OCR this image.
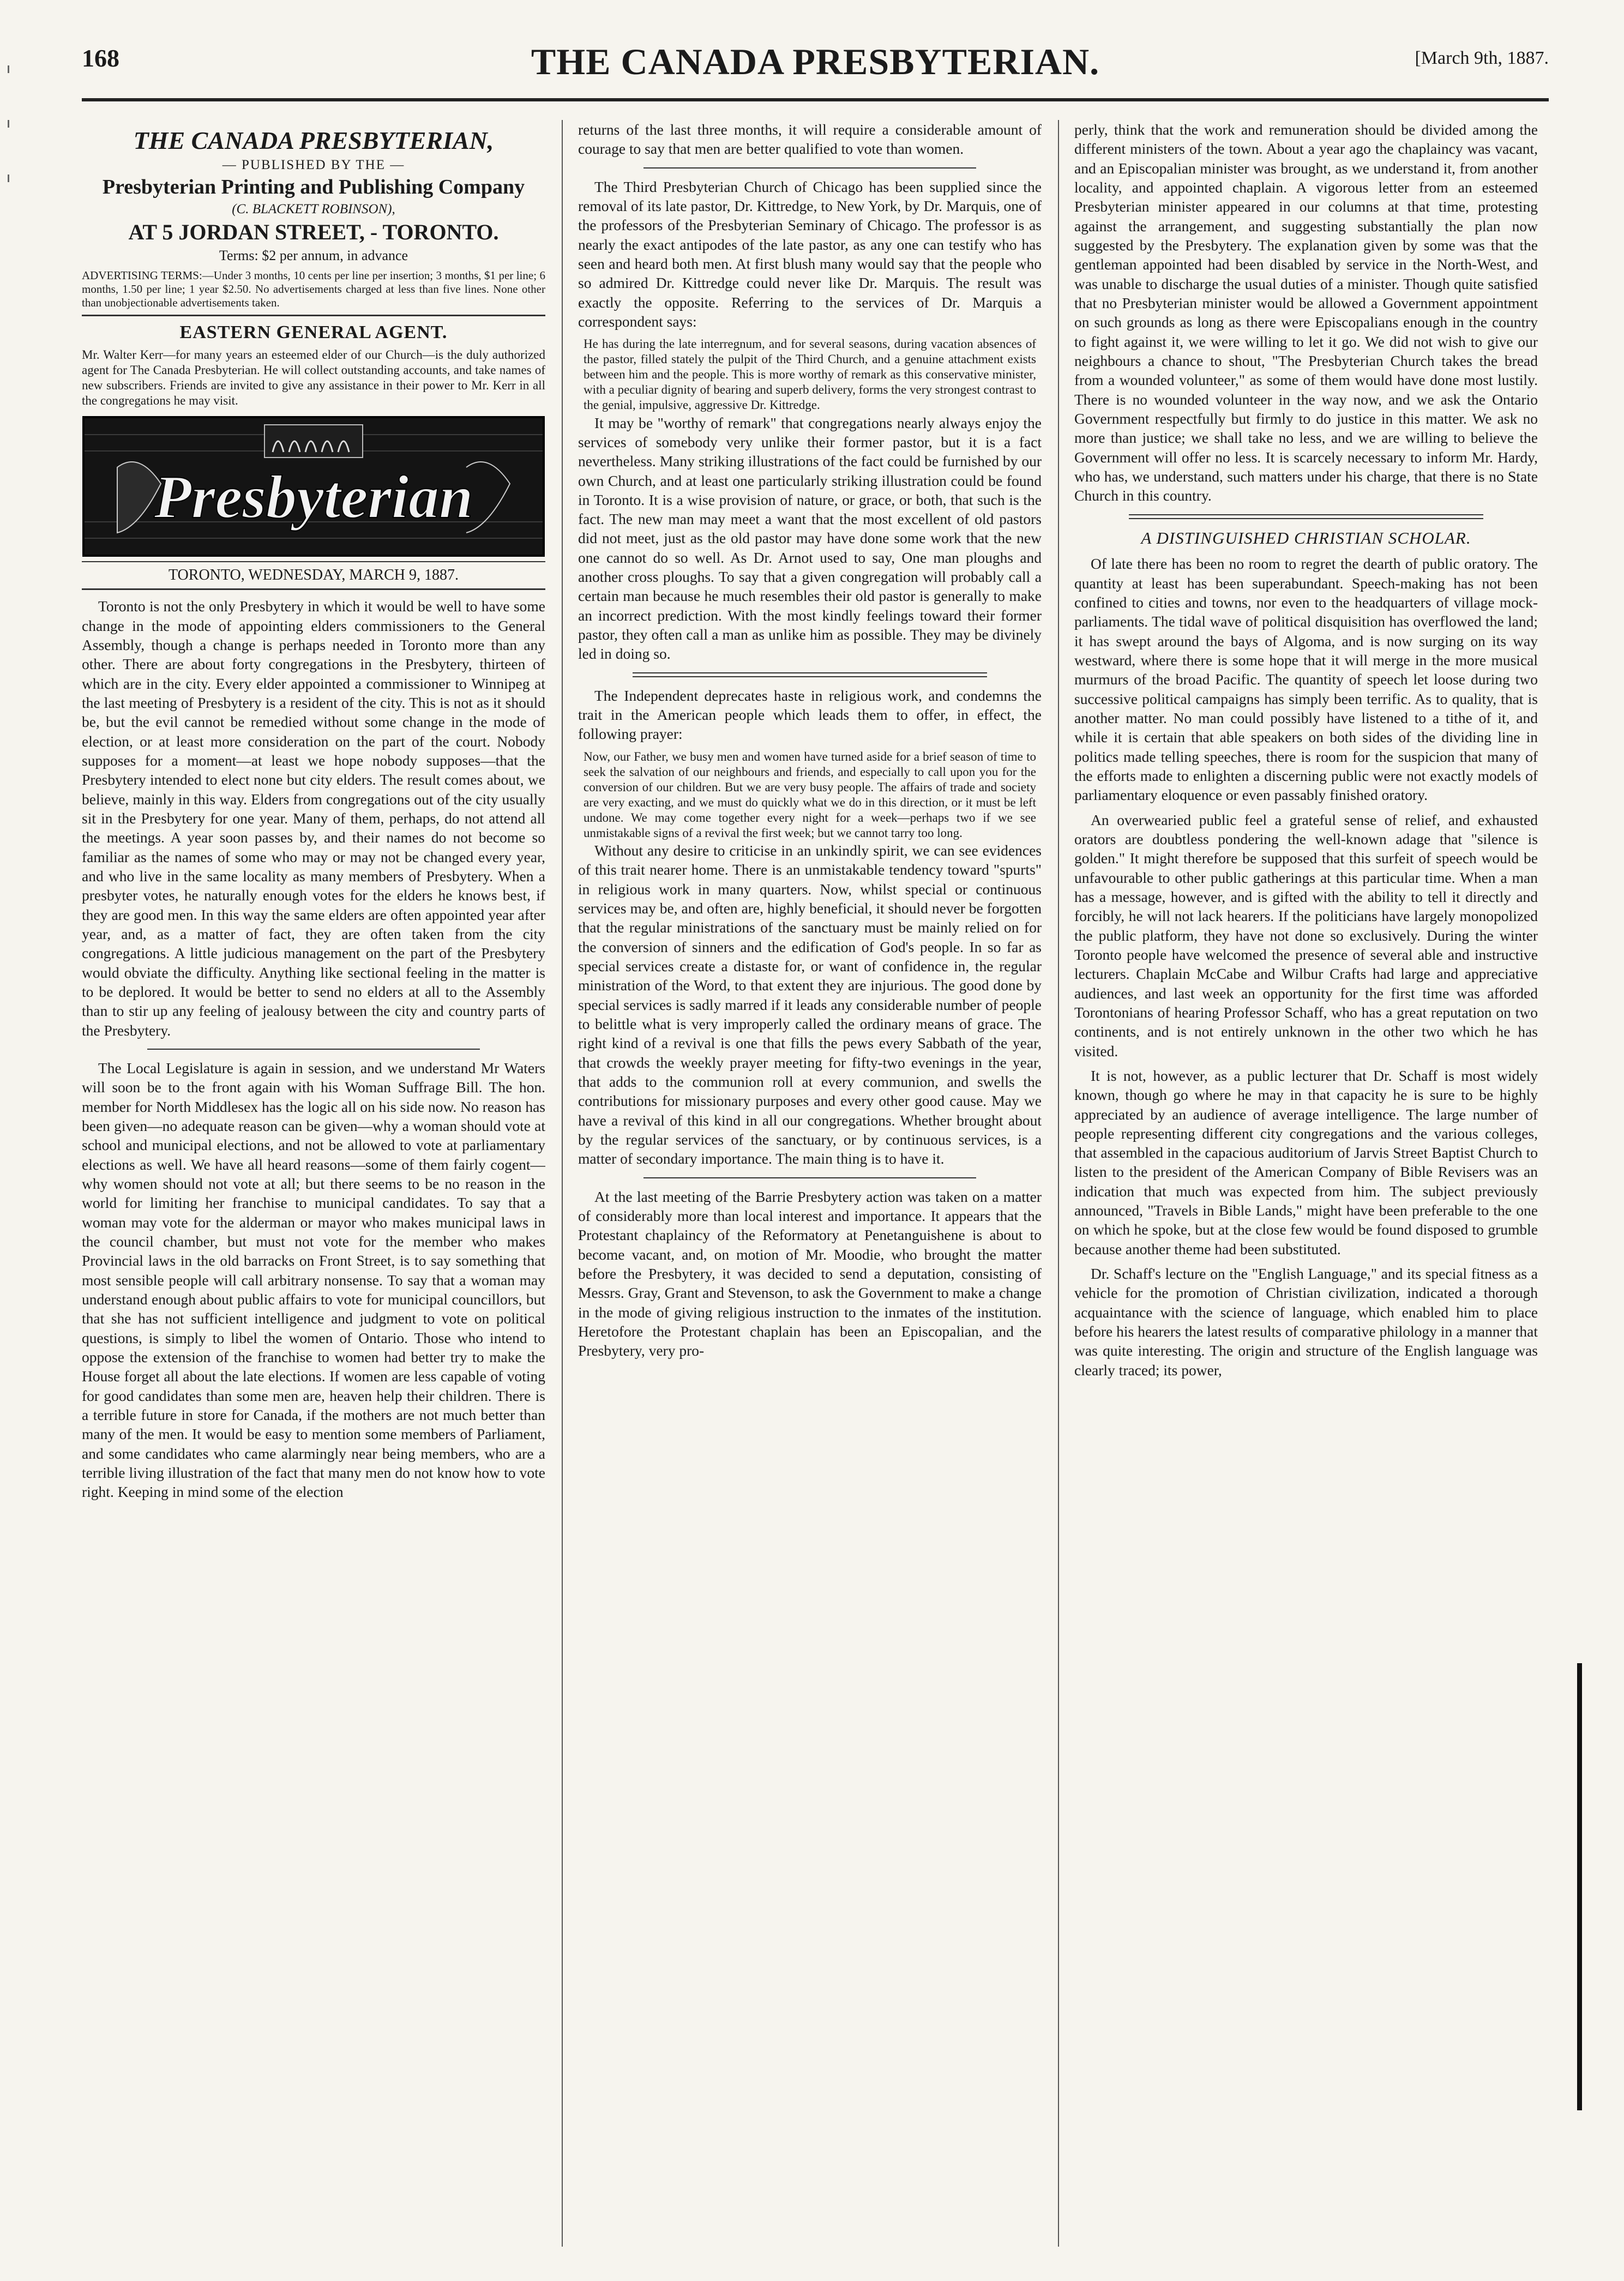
168	THE CANADA PRESBYTERIAN.	[March 9th, 1887.
THE CANADA PRESBYTERIAN,
— PUBLISHED BY THE —
Presbyterian Printing and Publishing Company
(C. BLACKETT ROBINSON),
AT 5 JORDAN STREET, - TORONTO.
Terms: $2 per annum, in advance
ADVERTISING TERMS:—Under 3 months, 10 cents per line per insertion; 3 months, $1 per line; 6 months, 1.50 per line; 1 year $2.50. No advertisements charged at less than five lines. None other than unobjectionable advertisements taken.
EASTERN GENERAL AGENT.
Mr. Walter Kerr—for many years an esteemed elder of our Church—is the duly authorized agent for The Canada Presbyterian. He will collect outstanding accounts, and take names of new subscribers. Friends are invited to give any assistance in their power to Mr. Kerr in all the congregations he may visit.
Presbyterian
TORONTO, WEDNESDAY, MARCH 9, 1887.

Toronto is not the only Presbytery in which it would be well to have some change in the mode of appointing elders commissioners to the General Assembly, though a change is perhaps needed in Toronto more than any other. There are about forty congregations in the Presbytery, thirteen of which are in the city. Every elder appointed a commissioner to Winnipeg at the last meeting of Presbytery is a resident of the city. This is not as it should be, but the evil cannot be remedied without some change in the mode of election, or at least more consideration on the part of the court. Nobody supposes for a moment—at least we hope nobody supposes—that the Presbytery intended to elect none but city elders. The result comes about, we believe, mainly in this way. Elders from congregations out of the city usually sit in the Presbytery for one year. Many of them, perhaps, do not attend all the meetings. A year soon passes by, and their names do not become so familiar as the names of some who may or may not be changed every year, and who live in the same locality as many members of Presbytery. When a presbyter votes, he naturally enough votes for the elders he knows best, if they are good men. In this way the same elders are often appointed year after year, and, as a matter of fact, they are often taken from the city congregations. A little judicious management on the part of the Presbytery would obviate the difficulty. Anything like sectional feeling in the matter is to be deplored. It would be better to send no elders at all to the Assembly than to stir up any feeling of jealousy between the city and country parts of the Presbytery.

The Local Legislature is again in session, and we understand Mr Waters will soon be to the front again with his Woman Suffrage Bill. The hon. member for North Middlesex has the logic all on his side now. No reason has been given—no adequate reason can be given—why a woman should vote at school and municipal elections, and not be allowed to vote at parliamentary elections as well. We have all heard reasons—some of them fairly cogent—why women should not vote at all; but there seems to be no reason in the world for limiting her franchise to municipal candidates. To say that a woman may vote for the alderman or mayor who makes municipal laws in the council chamber, but must not vote for the member who makes Provincial laws in the old barracks on Front Street, is to say something that most sensible people will call arbitrary nonsense. To say that a woman may understand enough about public affairs to vote for municipal councillors, but that she has not sufficient intelligence and judgment to vote on political questions, is simply to libel the women of Ontario. Those who intend to oppose the extension of the franchise to women had better try to make the House forget all about the late elections. If women are less capable of voting for good candidates than some men are, heaven help their children. There is a terrible future in store for Canada, if the mothers are not much better than many of the men. It would be easy to mention some members of Parliament, and some candidates who came alarmingly near being members, who are a terrible living illustration of the fact that many men do not know how to vote right. Keeping in mind some of the election

returns of the last three months, it will require a considerable amount of courage to say that men are better qualified to vote than women.

The Third Presbyterian Church of Chicago has been supplied since the removal of its late pastor, Dr. Kittredge, to New York, by Dr. Marquis, one of the professors of the Presbyterian Seminary of Chicago. The professor is as nearly the exact antipodes of the late pastor, as any one can testify who has seen and heard both men. At first blush many would say that the people who so admired Dr. Kittredge could never like Dr. Marquis. The result was exactly the opposite. Referring to the services of Dr. Marquis a correspondent says:

He has during the late interregnum, and for several seasons, during vacation absences of the pastor, filled stately the pulpit of the Third Church, and a genuine attachment exists between him and the people. This is more worthy of remark as this conservative minister, with a peculiar dignity of bearing and superb delivery, forms the very strongest contrast to the genial, impulsive, aggressive Dr. Kittredge.

It may be "worthy of remark" that congregations nearly always enjoy the services of somebody very unlike their former pastor, but it is a fact nevertheless. Many striking illustrations of the fact could be furnished by our own Church, and at least one particularly striking illustration could be found in Toronto. It is a wise provision of nature, or grace, or both, that such is the fact. The new man may meet a want that the most excellent of old pastors did not meet, just as the old pastor may have done some work that the new one cannot do so well. As Dr. Arnot used to say, One man ploughs and another cross ploughs. To say that a given congregation will probably call a certain man because he much resembles their old pastor is generally to make an incorrect prediction. With the most kindly feelings toward their former pastor, they often call a man as unlike him as possible. They may be divinely led in doing so.

The Independent deprecates haste in religious work, and condemns the trait in the American people which leads them to offer, in effect, the following prayer:

Now, our Father, we busy men and women have turned aside for a brief season of time to seek the salvation of our neighbours and friends, and especially to call upon you for the conversion of our children. But we are very busy people. The affairs of trade and society are very exacting, and we must do quickly what we do in this direction, or it must be left undone. We may come together every night for a week—perhaps two if we see unmistakable signs of a revival the first week; but we cannot tarry too long.

Without any desire to criticise in an unkindly spirit, we can see evidences of this trait nearer home. There is an unmistakable tendency toward "spurts" in religious work in many quarters. Now, whilst special or continuous services may be, and often are, highly beneficial, it should never be forgotten that the regular ministrations of the sanctuary must be mainly relied on for the conversion of sinners and the edification of God's people. In so far as special services create a distaste for, or want of confidence in, the regular ministration of the Word, to that extent they are injurious. The good done by special services is sadly marred if it leads any considerable number of people to belittle what is very improperly called the ordinary means of grace. The right kind of a revival is one that fills the pews every Sabbath of the year, that crowds the weekly prayer meeting for fifty-two evenings in the year, that adds to the communion roll at every communion, and swells the contributions for missionary purposes and every other good cause. May we have a revival of this kind in all our congregations. Whether brought about by the regular services of the sanctuary, or by continuous services, is a matter of secondary importance. The main thing is to have it.

At the last meeting of the Barrie Presbytery action was taken on a matter of considerably more than local interest and importance. It appears that the Protestant chaplaincy of the Reformatory at Penetanguishene is about to become vacant, and, on motion of Mr. Moodie, who brought the matter before the Presbytery, it was decided to send a deputation, consisting of Messrs. Gray, Grant and Stevenson, to ask the Government to make a change in the mode of giving religious instruction to the inmates of the institution. Heretofore the Protestant chaplain has been an Episcopalian, and the Presbytery, very pro-

perly, think that the work and remuneration should be divided among the different ministers of the town. About a year ago the chaplaincy was vacant, and an Episcopalian minister was brought, as we understand it, from another locality, and appointed chaplain. A vigorous letter from an esteemed Presbyterian minister appeared in our columns at that time, protesting against the arrangement, and suggesting substantially the plan now suggested by the Presbytery. The explanation given by some was that the gentleman appointed had been disabled by service in the North-West, and was unable to discharge the usual duties of a minister. Though quite satisfied that no Presbyterian minister would be allowed a Government appointment on such grounds as long as there were Episcopalians enough in the country to fight against it, we were willing to let it go. We did not wish to give our neighbours a chance to shout, "The Presbyterian Church takes the bread from a wounded volunteer," as some of them would have done most lustily. There is no wounded volunteer in the way now, and we ask the Ontario Government respectfully but firmly to do justice in this matter. We ask no more than justice; we shall take no less, and we are willing to believe the Government will offer no less. It is scarcely necessary to inform Mr. Hardy, who has, we understand, such matters under his charge, that there is no State Church in this country.

A DISTINGUISHED CHRISTIAN SCHOLAR.

Of late there has been no room to regret the dearth of public oratory. The quantity at least has been superabundant. Speech-making has not been confined to cities and towns, nor even to the headquarters of village mock-parliaments. The tidal wave of political disquisition has overflowed the land; it has swept around the bays of Algoma, and is now surging on its way westward, where there is some hope that it will merge in the more musical murmurs of the broad Pacific. The quantity of speech let loose during two successive political campaigns has simply been terrific. As to quality, that is another matter. No man could possibly have listened to a tithe of it, and while it is certain that able speakers on both sides of the dividing line in politics made telling speeches, there is room for the suspicion that many of the efforts made to enlighten a discerning public were not exactly models of parliamentary eloquence or even passably finished oratory.

An overwearied public feel a grateful sense of relief, and exhausted orators are doubtless pondering the well-known adage that "silence is golden." It might therefore be supposed that this surfeit of speech would be unfavourable to other public gatherings at this particular time. When a man has a message, however, and is gifted with the ability to tell it directly and forcibly, he will not lack hearers. If the politicians have largely monopolized the public platform, they have not done so exclusively. During the winter Toronto people have welcomed the presence of several able and instructive lecturers. Chaplain McCabe and Wilbur Crafts had large and appreciative audiences, and last week an opportunity for the first time was afforded Torontonians of hearing Professor Schaff, who has a great reputation on two continents, and is not entirely unknown in the other two which he has visited.

It is not, however, as a public lecturer that Dr. Schaff is most widely known, though go where he may in that capacity he is sure to be highly appreciated by an audience of average intelligence. The large number of people representing different city congregations and the various colleges, that assembled in the capacious auditorium of Jarvis Street Baptist Church to listen to the president of the American Company of Bible Revisers was an indication that much was expected from him. The subject previously announced, "Travels in Bible Lands," might have been preferable to the one on which he spoke, but at the close few would be found disposed to grumble because another theme had been substituted.

Dr. Schaff's lecture on the "English Language," and its special fitness as a vehicle for the promotion of Christian civilization, indicated a thorough acquaintance with the science of language, which enabled him to place before his hearers the latest results of comparative philology in a manner that was quite interesting. The origin and structure of the English language was clearly traced; its power,
